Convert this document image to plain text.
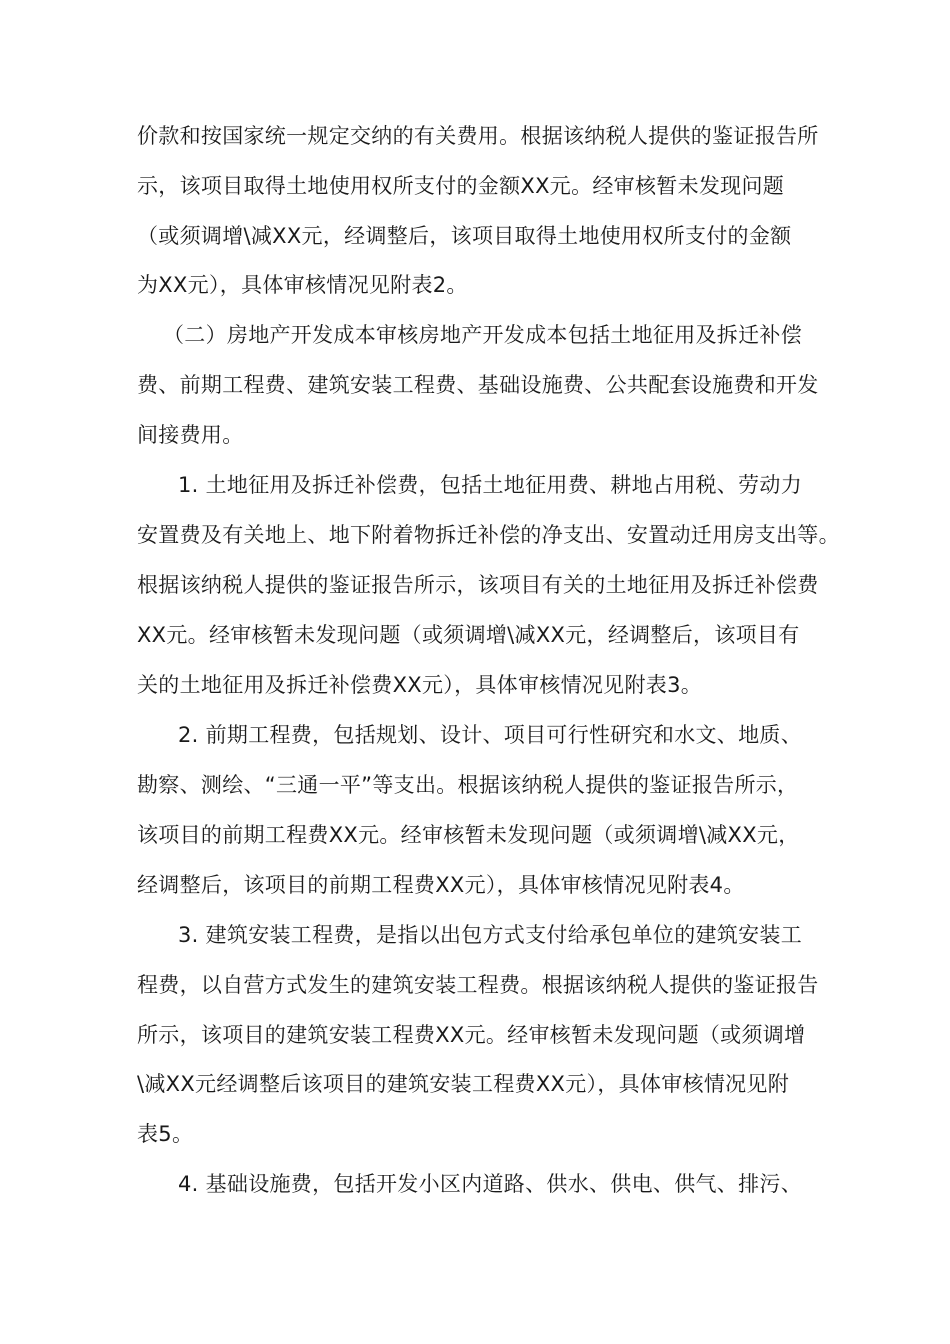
价款和按国家统一规定交纳的有关费用。根据该纳税人提供的鉴证报告所
示，该项目取得土地使用权所支付的金额XX元。经审核暂未发现问题
（或须调增\减XX元，经调整后，该项目取得土地使用权所支付的金额
为XX元），具体审核情况见附表2。
（二）房地产开发成本审核房地产开发成本包括土地征用及拆迁补偿
费、前期工程费、建筑安装工程费、基础设施费、公共配套设施费和开发
间接费用。
1. 土地征用及拆迁补偿费，包括土地征用费、耕地占用税、劳动力
安置费及有关地上、地下附着物拆迁补偿的净支出、安置动迁用房支出等。
根据该纳税人提供的鉴证报告所示，该项目有关的土地征用及拆迁补偿费
XX元。经审核暂未发现问题（或须调增\减XX元，经调整后，该项目有
关的土地征用及拆迁补偿费XX元），具体审核情况见附表3。
2. 前期工程费，包括规划、设计、项目可行性研究和水文、地质、
勘察、测绘、“三通一平”等支出。根据该纳税人提供的鉴证报告所示，
该项目的前期工程费XX元。经审核暂未发现问题（或须调增\减XX元，
经调整后，该项目的前期工程费XX元），具体审核情况见附表4。
3. 建筑安装工程费，是指以出包方式支付给承包单位的建筑安装工
程费，以自营方式发生的建筑安装工程费。根据该纳税人提供的鉴证报告
所示，该项目的建筑安装工程费XX元。经审核暂未发现问题（或须调增
\减XX元经调整后该项目的建筑安装工程费XX元），具体审核情况见附
表5。
4. 基础设施费，包括开发小区内道路、供水、供电、供气、排污、
